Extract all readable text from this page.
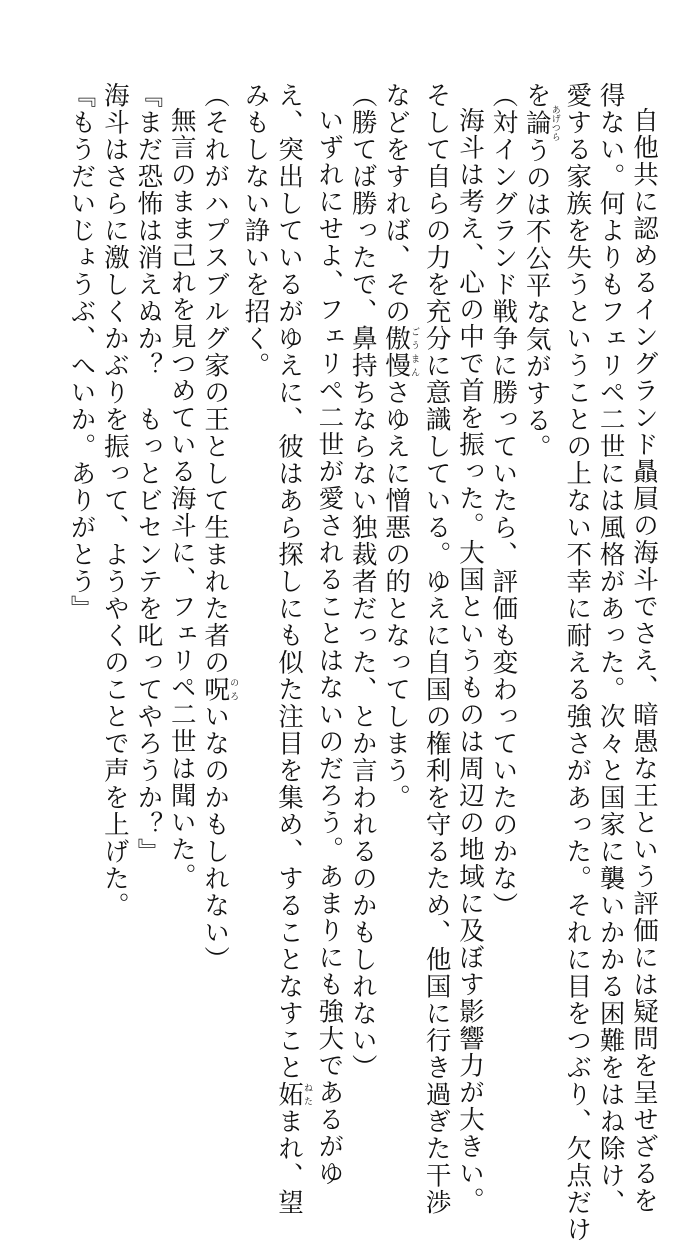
自他共に認めるイングランド贔屓の海斗でさえ、暗愚な王という評価には疑問を呈せざるを
得ない。何よりもフェリペ二世には風格があった。次々と国家に襲いかかる困難をはね除け、
愛する家族を失うということの上ない不幸に耐える強さがあった。それに目をつぶり、欠点だけ
を論あげつらうのは不公平な気がする。
（対イングランド戦争に勝っていたら、評価も変わっていたのかな）
海斗は考え、心の中で首を振った。大国というものは周辺の地域に及ぼす影響力が大きい。
そして自らの力を充分に意識している。ゆえに自国の権利を守るため、他国に行き過ぎた干渉
などをすれば、その傲慢ごうまんさゆえに憎悪の的となってしまう。
（勝てば勝ったで、鼻持ちならない独裁者だった、とか言われるのかもしれない）
いずれにせよ、フェリペ二世が愛されることはないのだろう。あまりにも強大であるがゆ
え、突出しているがゆえに、彼はあら探しにも似た注目を集め、することなすこと妬ねたまれ、望
みもしない諍いを招く。
（それがハプスブルグ家の王として生まれた者の呪のろいなのかもしれない）
無言のまま己れを見つめている海斗に、フェリペ二世は聞いた。
『まだ恐怖は消えぬか？　もっとビセンテを叱ってやろうか？』
海斗はさらに激しくかぶりを振って、ようやくのことで声を上げた。
『もうだいじょうぶ、へいか。ありがとう』
